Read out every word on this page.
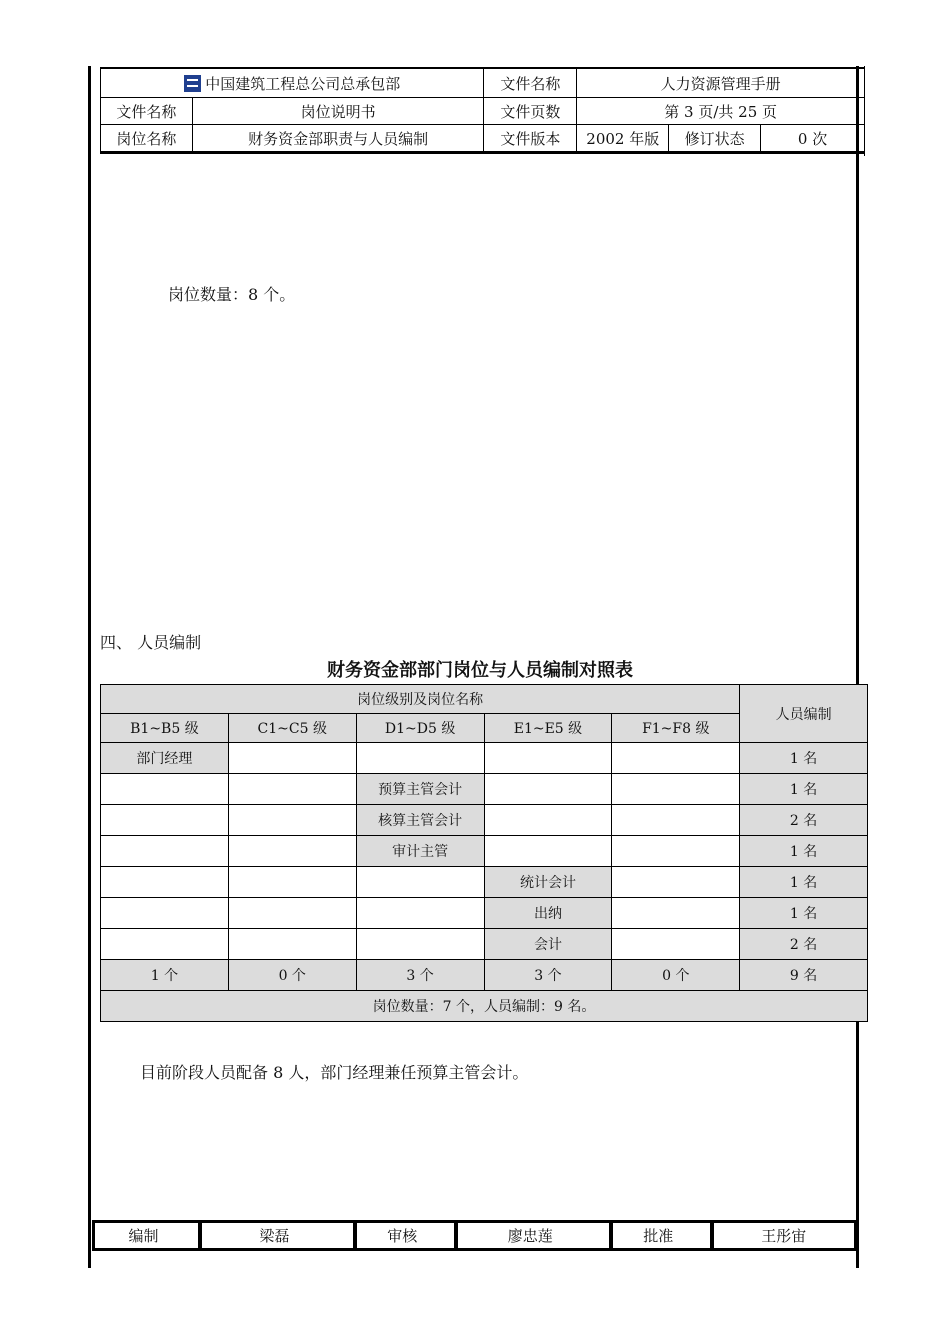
中国建筑工程总公司总承包部		文件名称	人力资源管理手册		
文件名称	岗位说明书	文件页数	第 3 页/共 25 页		
岗位名称	财务资金部职责与人员编制	文件版本	2002 年版	修订状态	0 次
岗位数量：8 个。
四、 人员编制
财务资金部部门岗位与人员编制对照表
岗位级别及岗位名称					人员编制
B1~B5 级	C1~C5 级	D1~D5 级	E1~E5 级	F1~F8 级	
部门经理					1 名
		预算主管会计			1 名
		核算主管会计			2 名
		审计主管			1 名
			统计会计		1 名
			出纳		1 名
			会计		2 名
1 个	0 个	3 个	3 个	0 个	9 名
岗位数量：7 个，人员编制：9 名。					
目前阶段人员配备 8 人，部门经理兼任预算主管会计。
编制		梁磊		审核		廖忠莲		批准		王彤宙
